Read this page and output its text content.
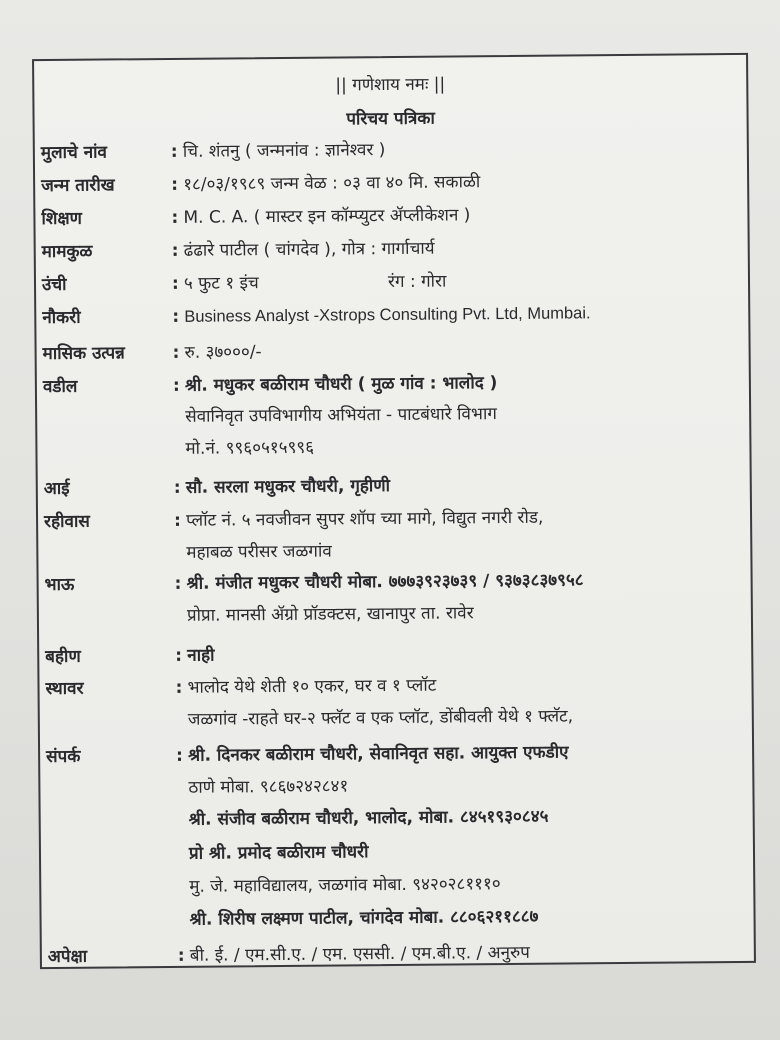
|| गणेशाय नमः ||
परिचय पत्रिका
मुलाचे नांव	: चि. शंतनु ( जन्मनांव : ज्ञानेश्वर )
जन्म तारीख	: १८/०३/१९८९ जन्म वेळ : ०३ वा ४० मि. सकाळी
शिक्षण	: M. C. A. ( मास्टर इन कॉम्प्युटर ॲप्लीकेशन )
मामकुळ	: ढंढारे पाटील ( चांगदेव ), गोत्र : गार्गाचार्य
उंची	: ५ फुट १ इंच	रंग : गोरा
नौकरी	: Business Analyst -Xstrops Consulting Pvt. Ltd, Mumbai.
मासिक उत्पन्न	: रु. ३७०००/-
वडील	: श्री. मधुकर बळीराम चौधरी ( मुळ गांव : भालोद )
सेवानिवृत उपविभागीय अभियंता - पाटबंधारे विभाग
मो.नं. ९९६०५१५९९६
आई	: सौ. सरला मधुकर चौधरी, गृहीणी
रहीवास	: प्लॉट नं. ५ नवजीवन सुपर शॉप च्या मागे, विद्युत नगरी रोड,
महाबळ परीसर जळगांव
भाऊ	: श्री. मंजीत मधुकर चौधरी मोबा. ७७७३९२३७३९ / ९३७३८३७९५८
प्रोप्रा. मानसी ॲग्रो प्रॉडक्टस, खानापुर ता. रावेर
बहीण	: नाही
स्थावर	: भालोद येथे शेती १० एकर, घर व १ प्लॉट
जळगांव -राहते घर-२ फ्लॅट व एक प्लॉट, डोंबीवली येथे १ फ्लॅट,
संपर्क	: श्री. दिनकर बळीराम चौधरी, सेवानिवृत सहा. आयुक्त एफडीए
ठाणे मोबा. ९८६७२४२८४१
श्री. संजीव बळीराम चौधरी, भालोद, मोबा. ८४५१९३०८४५
प्रो श्री. प्रमोद बळीराम चौधरी
मु. जे. महाविद्यालय, जळगांव मोबा. ९४२०२८१११०
श्री. शिरीष लक्ष्मण पाटील, चांगदेव मोबा. ८८०६२११८८७
अपेक्षा	: बी. ई. / एम.सी.ए. / एम. एससी. / एम.बी.ए. / अनुरुप
